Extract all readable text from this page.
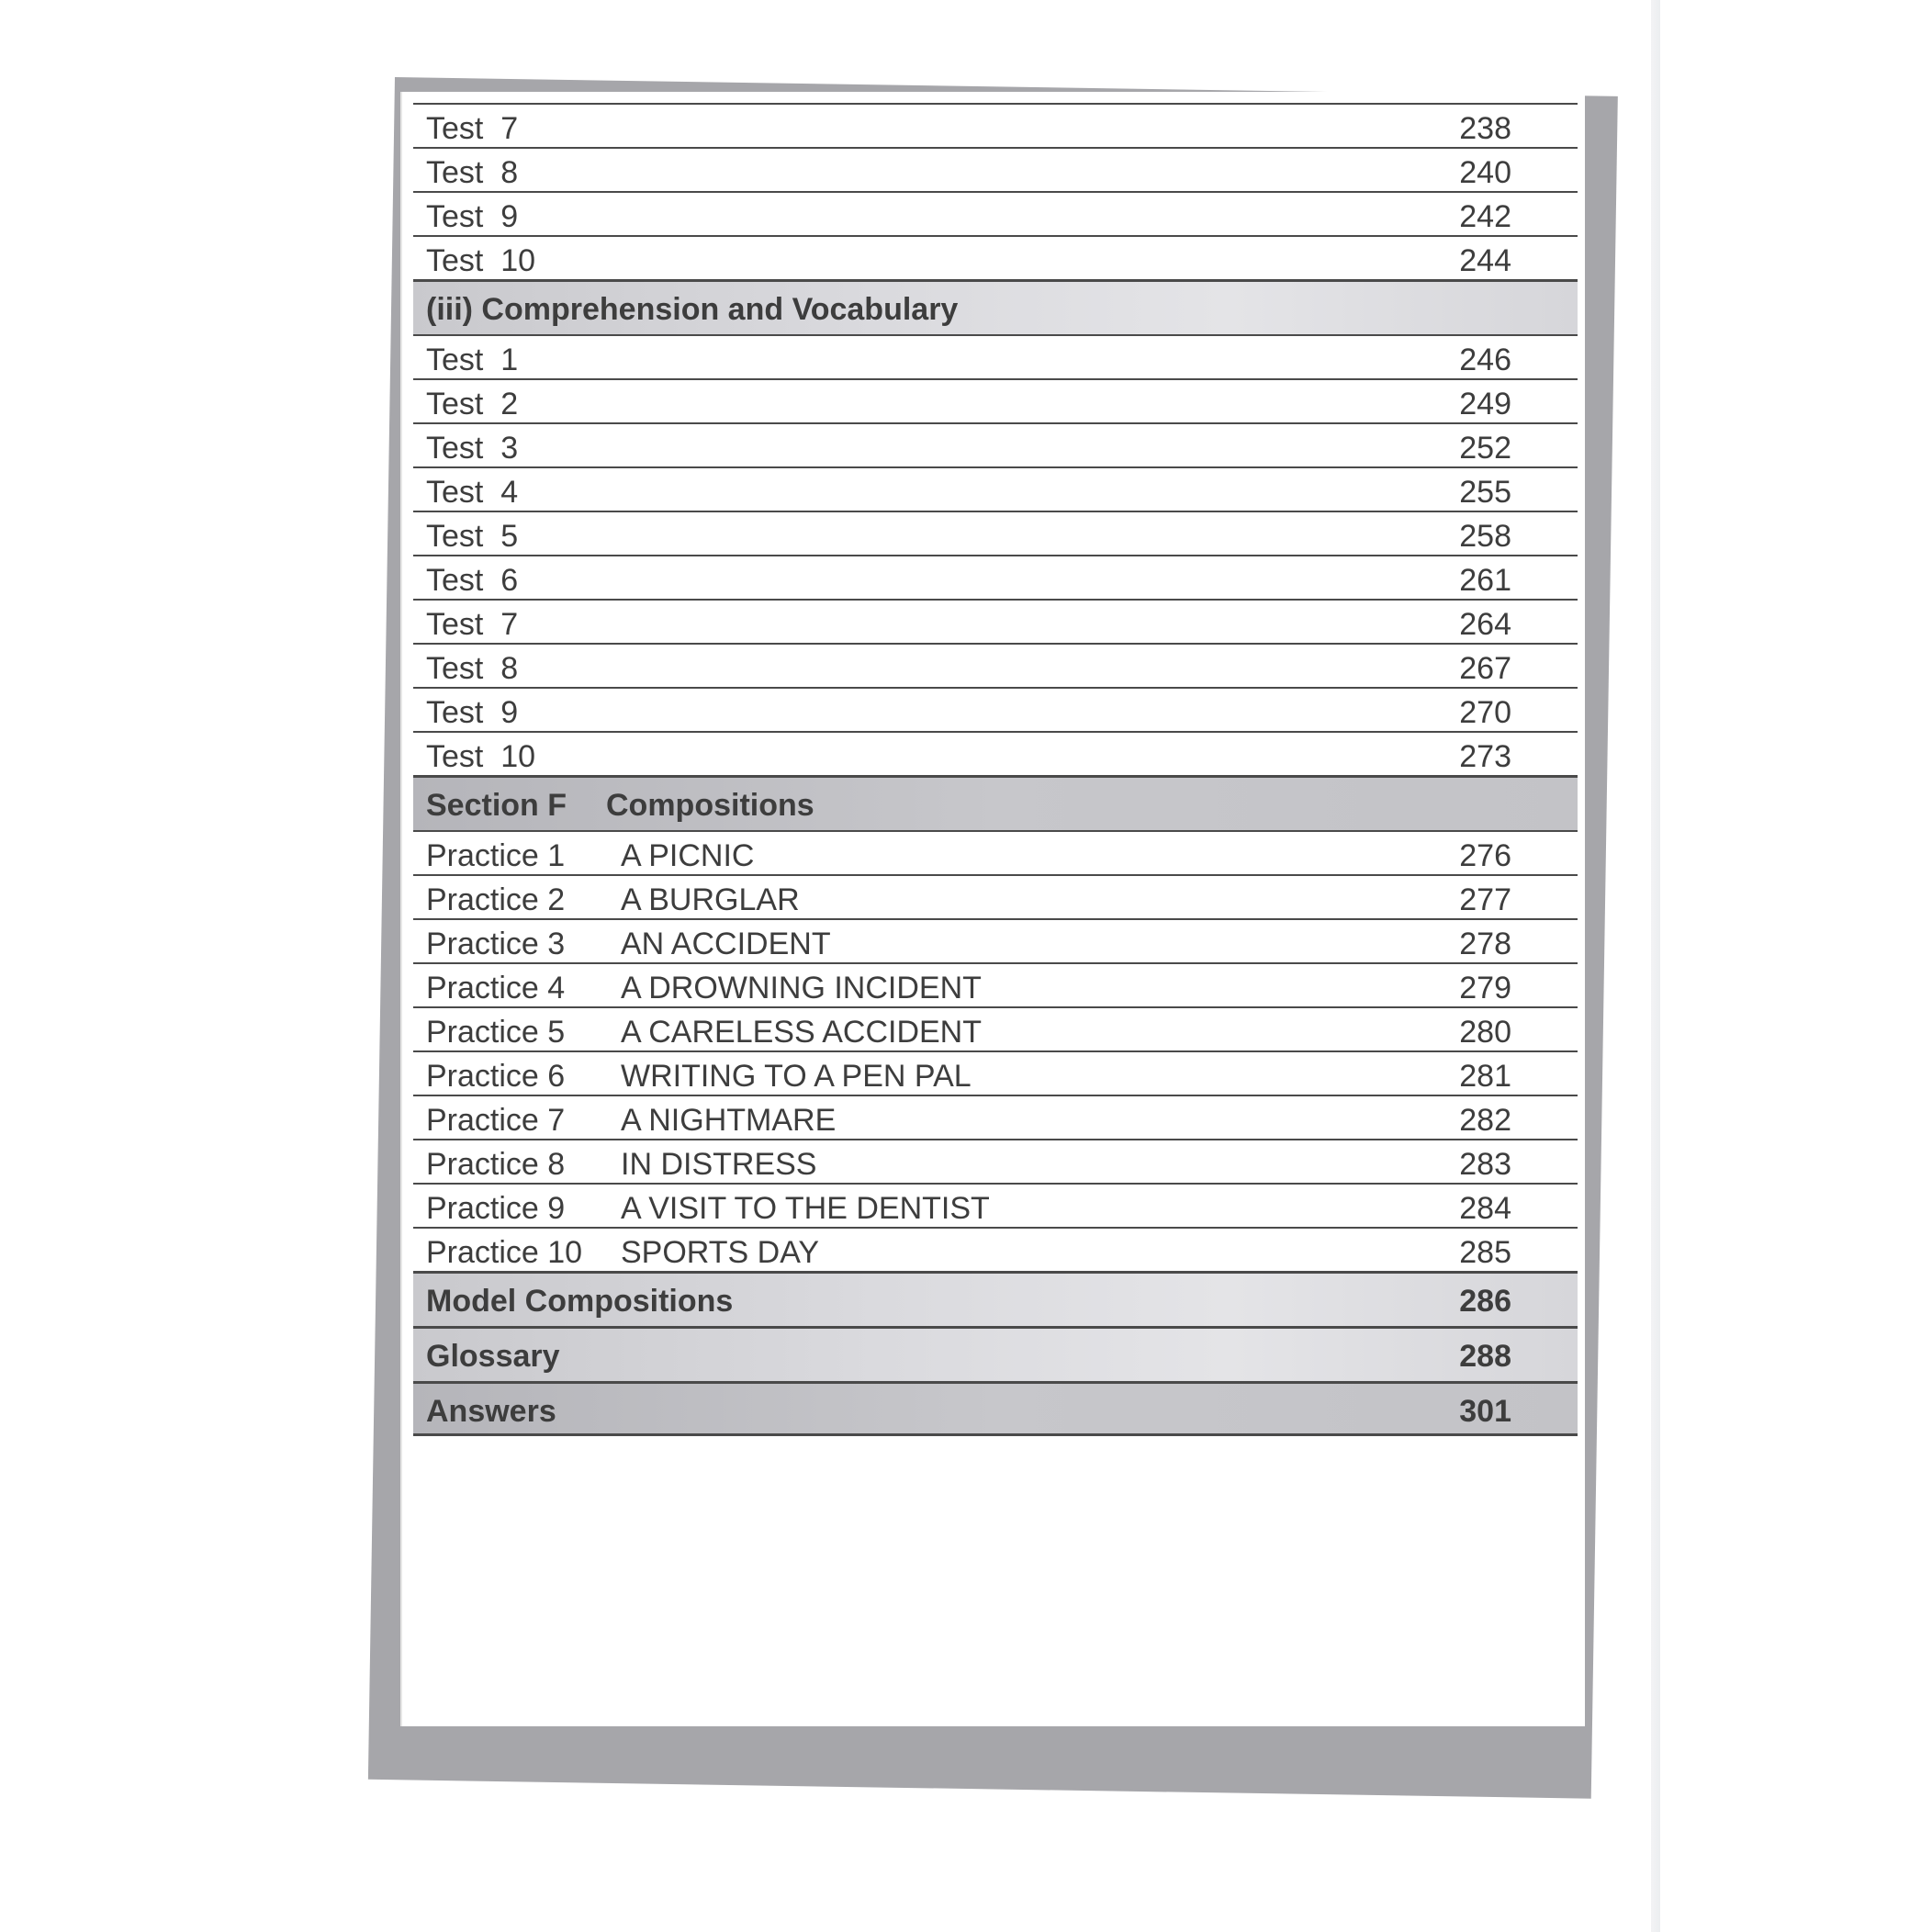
Test  7	238
Test  8	240
Test  9	242
Test  10	244
(iii) Comprehension and Vocabulary
Test  1	246
Test  2	249
Test  3	252
Test  4	255
Test  5	258
Test  6	261
Test  7	264
Test  8	267
Test  9	270
Test  10	273
Section F Compositions
Practice 1 A PICNIC	276
Practice 2 A BURGLAR	277
Practice 3 AN ACCIDENT	278
Practice 4 A DROWNING INCIDENT	279
Practice 5 A CARELESS ACCIDENT	280
Practice 6 WRITING TO A PEN PAL	281
Practice 7 A NIGHTMARE	282
Practice 8 IN DISTRESS	283
Practice 9 A VISIT TO THE DENTIST	284
Practice 10 SPORTS DAY	285
Model Compositions	286
Glossary	288
Answers	301
